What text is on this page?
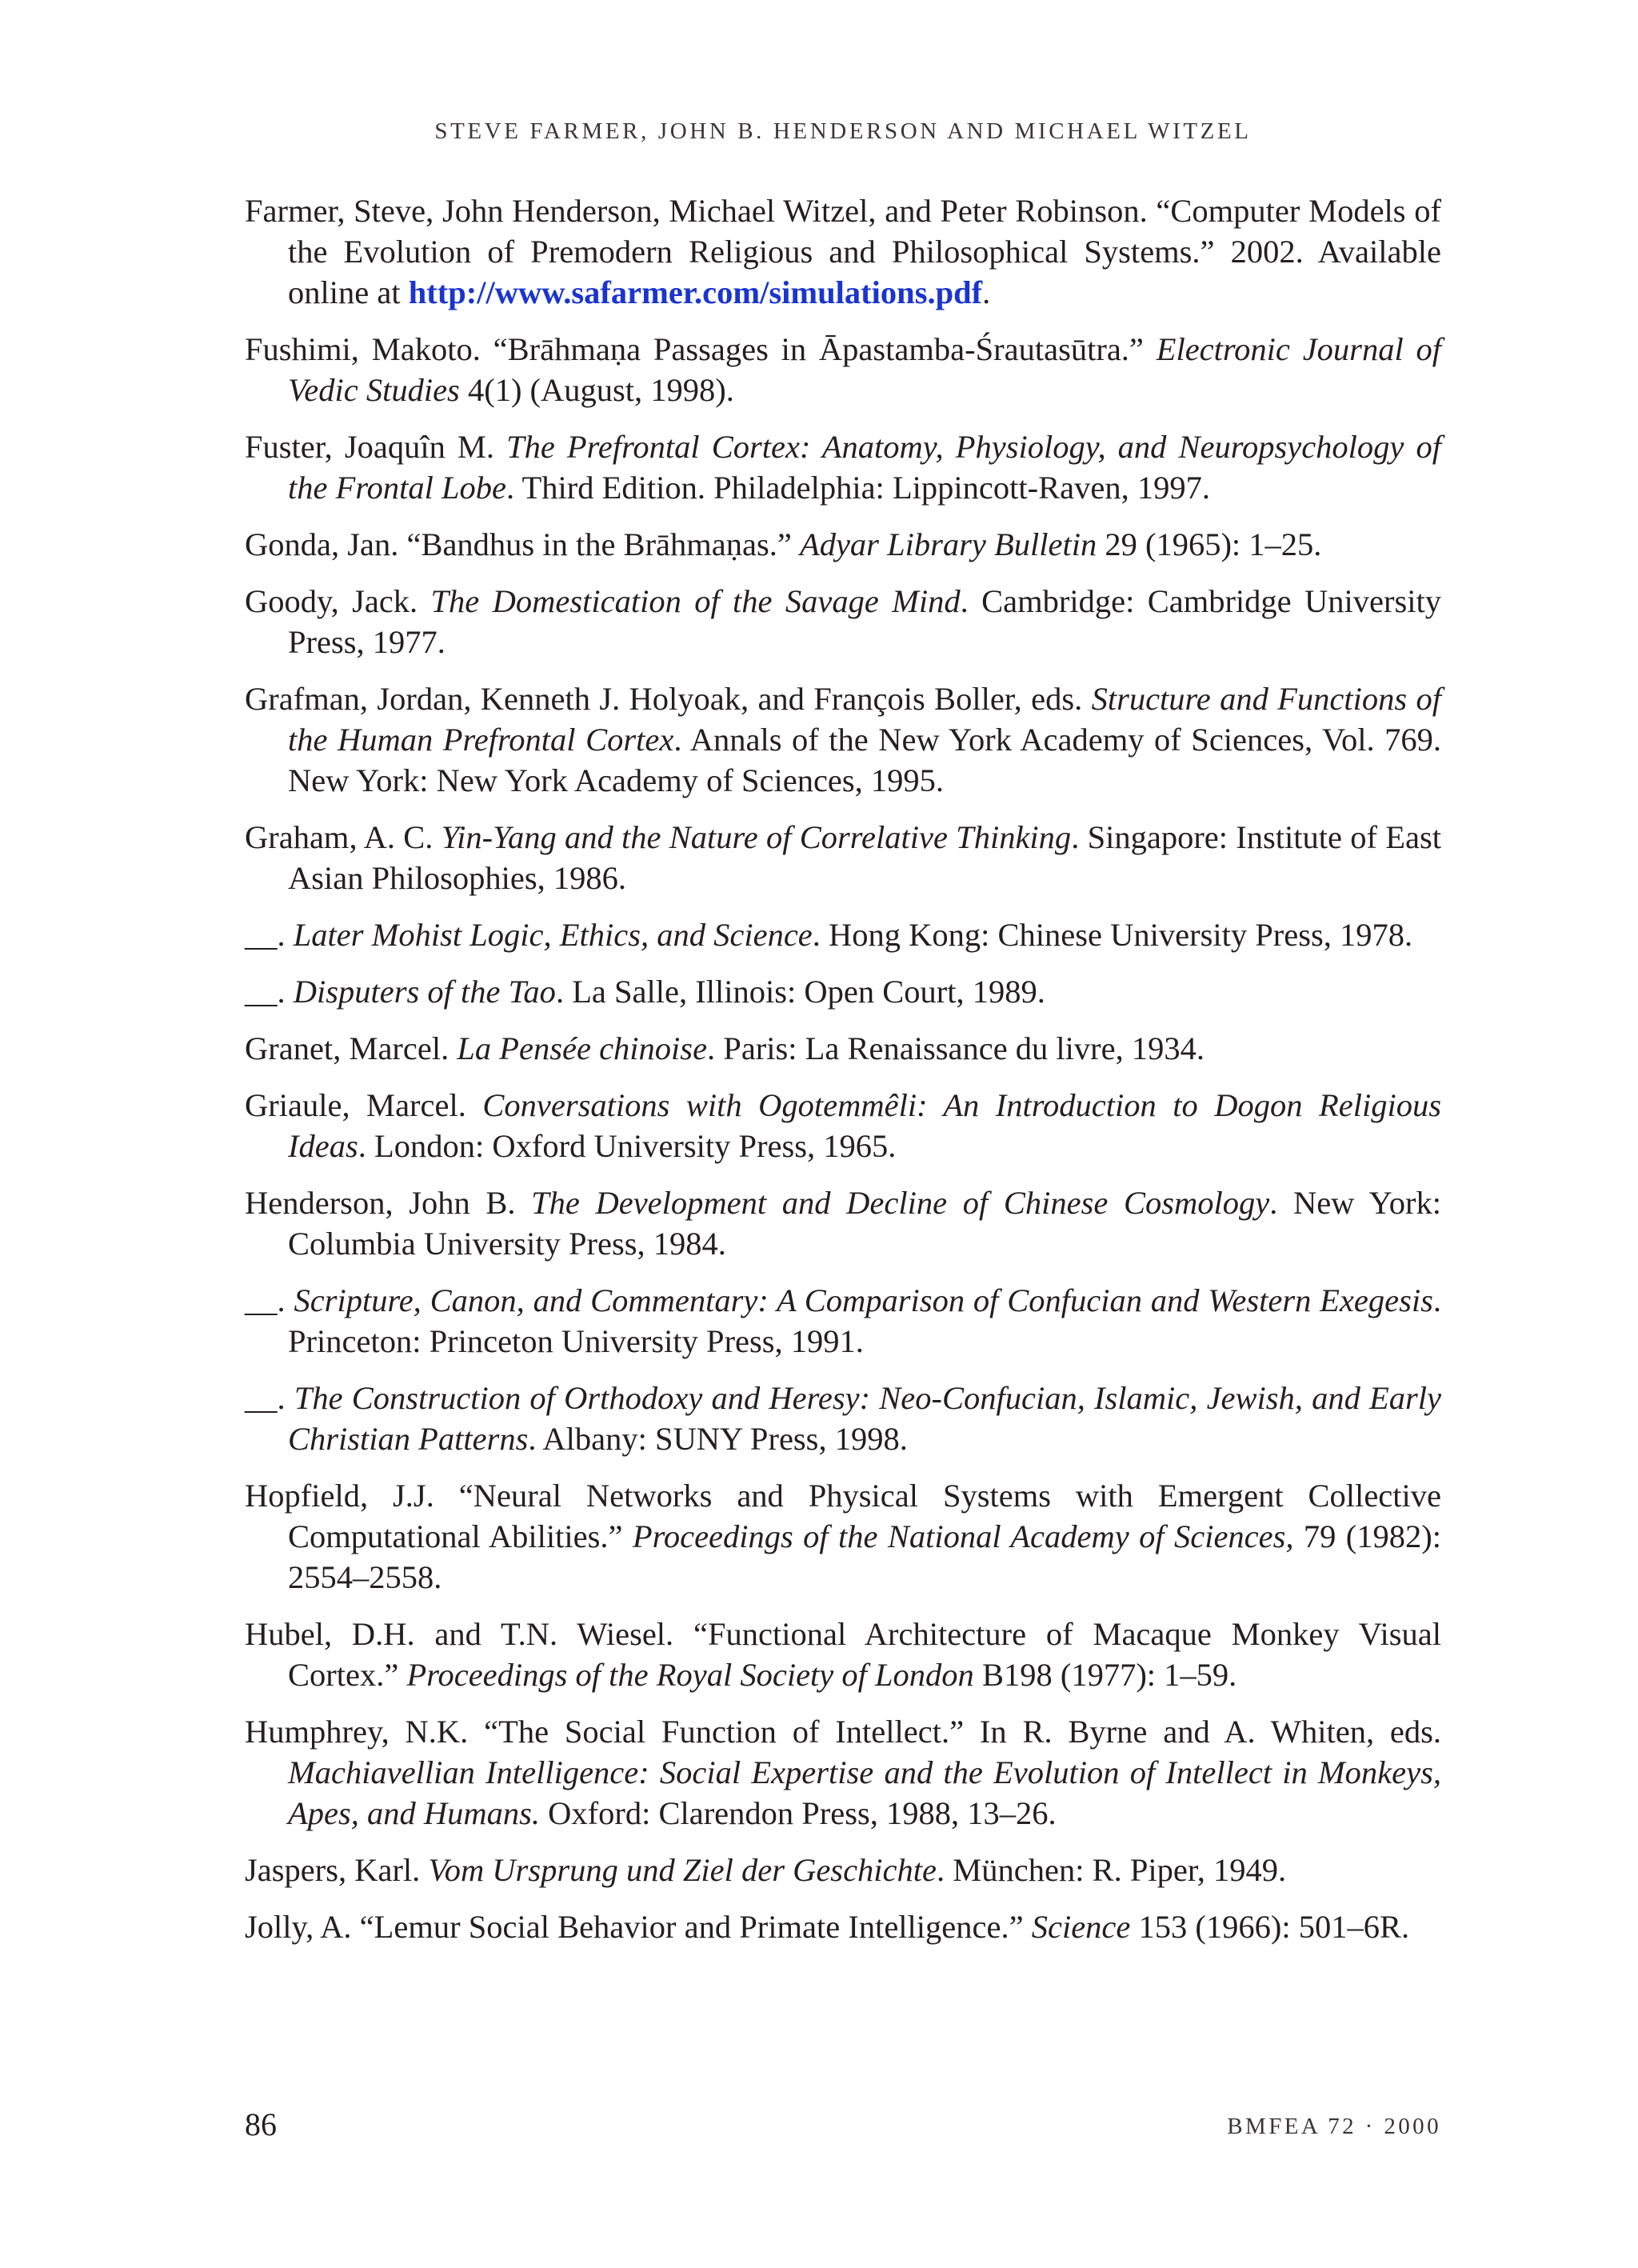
STEVE FARMER, JOHN B. HENDERSON AND MICHAEL WITZEL
Farmer, Steve, John Henderson, Michael Witzel, and Peter Robinson. “Computer Models of the Evolution of Premodern Religious and Philosophical Systems.” 2002. Available online at http://www.safarmer.com/simulations.pdf.
Fushimi, Makoto. “Brāhmaṇa Passages in Āpastamba-Śrautasūtra.” Electronic Journal of Vedic Studies 4(1) (August, 1998).
Fuster, Joaquîn M. The Prefrontal Cortex: Anatomy, Physiology, and Neuropsychology of the Frontal Lobe. Third Edition. Philadelphia: Lippincott-Raven, 1997.
Gonda, Jan. “Bandhus in the Brāhmaṇas.” Adyar Library Bulletin 29 (1965): 1–25.
Goody, Jack. The Domestication of the Savage Mind. Cambridge: Cambridge University Press, 1977.
Grafman, Jordan, Kenneth J. Holyoak, and François Boller, eds. Structure and Functions of the Human Prefrontal Cortex. Annals of the New York Academy of Sciences, Vol. 769. New York: New York Academy of Sciences, 1995.
Graham, A. C. Yin-Yang and the Nature of Correlative Thinking. Singapore: Institute of East Asian Philosophies, 1986.
__. Later Mohist Logic, Ethics, and Science. Hong Kong: Chinese University Press, 1978.
__. Disputers of the Tao. La Salle, Illinois: Open Court, 1989.
Granet, Marcel. La Pensée chinoise. Paris: La Renaissance du livre, 1934.
Griaule, Marcel. Conversations with Ogotemmêli: An Introduction to Dogon Religious Ideas. London: Oxford University Press, 1965.
Henderson, John B. The Development and Decline of Chinese Cosmology. New York: Columbia University Press, 1984.
__. Scripture, Canon, and Commentary: A Comparison of Confucian and Western Exegesis. Princeton: Princeton University Press, 1991.
__. The Construction of Orthodoxy and Heresy: Neo-Confucian, Islamic, Jewish, and Early Christian Patterns. Albany: SUNY Press, 1998.
Hopfield, J.J. “Neural Networks and Physical Systems with Emergent Collective Computational Abilities.” Proceedings of the National Academy of Sciences, 79 (1982): 2554–2558.
Hubel, D.H. and T.N. Wiesel. “Functional Architecture of Macaque Monkey Visual Cortex.” Proceedings of the Royal Society of London B198 (1977): 1–59.
Humphrey, N.K. “The Social Function of Intellect.” In R. Byrne and A. Whiten, eds. Machiavellian Intelligence: Social Expertise and the Evolution of Intellect in Monkeys, Apes, and Humans. Oxford: Clarendon Press, 1988, 13–26.
Jaspers, Karl. Vom Ursprung und Ziel der Geschichte. München: R. Piper, 1949.
Jolly, A. “Lemur Social Behavior and Primate Intelligence.” Science 153 (1966): 501–6R.
86	BMFEA 72 · 2000
